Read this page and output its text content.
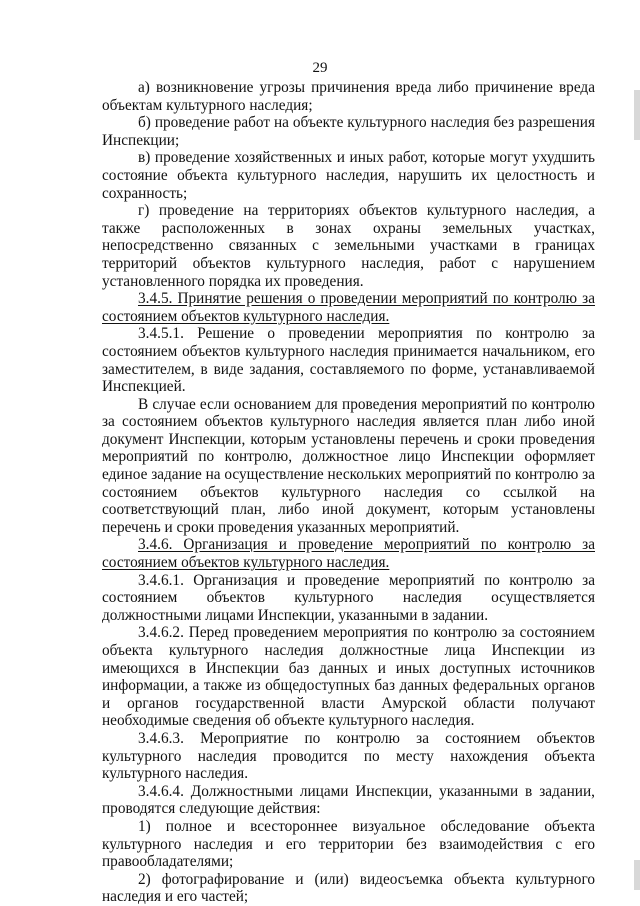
29

а) возникновение угрозы причинения вреда либо причинение вреда объектам культурного наследия;

б) проведение работ на объекте культурного наследия без разрешения Инспекции;

в) проведение хозяйственных и иных работ, которые могут ухудшить состояние объекта культурного наследия, нарушить их целостность и сохранность;

г) проведение на территориях объектов культурного наследия, а также расположенных в зонах охраны земельных участках, непосредственно связанных с земельными участками в границах территорий объектов культурного наследия, работ с нарушением установленного порядка их проведения.

3.4.5. Принятие решения о проведении мероприятий по контролю за состоянием объектов культурного наследия.

3.4.5.1. Решение о проведении мероприятия по контролю за состоянием объектов культурного наследия принимается начальником, его заместителем, в виде задания, составляемого по форме, устанавливаемой Инспекцией.

В случае если основанием для проведения мероприятий по контролю за состоянием объектов культурного наследия является план либо иной документ Инспекции, которым установлены перечень и сроки проведения мероприятий по контролю, должностное лицо Инспекции оформляет единое задание на осуществление нескольких мероприятий по контролю за состоянием объектов культурного наследия со ссылкой на соответствующий план, либо иной документ, которым установлены перечень и сроки проведения указанных мероприятий.

3.4.6. Организация и проведение мероприятий по контролю за состоянием объектов культурного наследия.

3.4.6.1. Организация и проведение мероприятий по контролю за состоянием объектов культурного наследия осуществляется должностными лицами Инспекции, указанными в задании.

3.4.6.2. Перед проведением мероприятия по контролю за состоянием объекта культурного наследия должностные лица Инспекции из имеющихся в Инспекции баз данных и иных доступных источников информации, а также из общедоступных баз данных федеральных органов и органов государственной власти Амурской области получают необходимые сведения об объекте культурного наследия.

3.4.6.3. Мероприятие по контролю за состоянием объектов культурного наследия проводится по месту нахождения объекта культурного наследия.

3.4.6.4. Должностными лицами Инспекции, указанными в задании, проводятся следующие действия:

1) полное и всестороннее визуальное обследование объекта культурного наследия и его территории без взаимодействия с его правообладателями;

2) фотографирование и (или) видеосъемка объекта культурного наследия и его частей;
